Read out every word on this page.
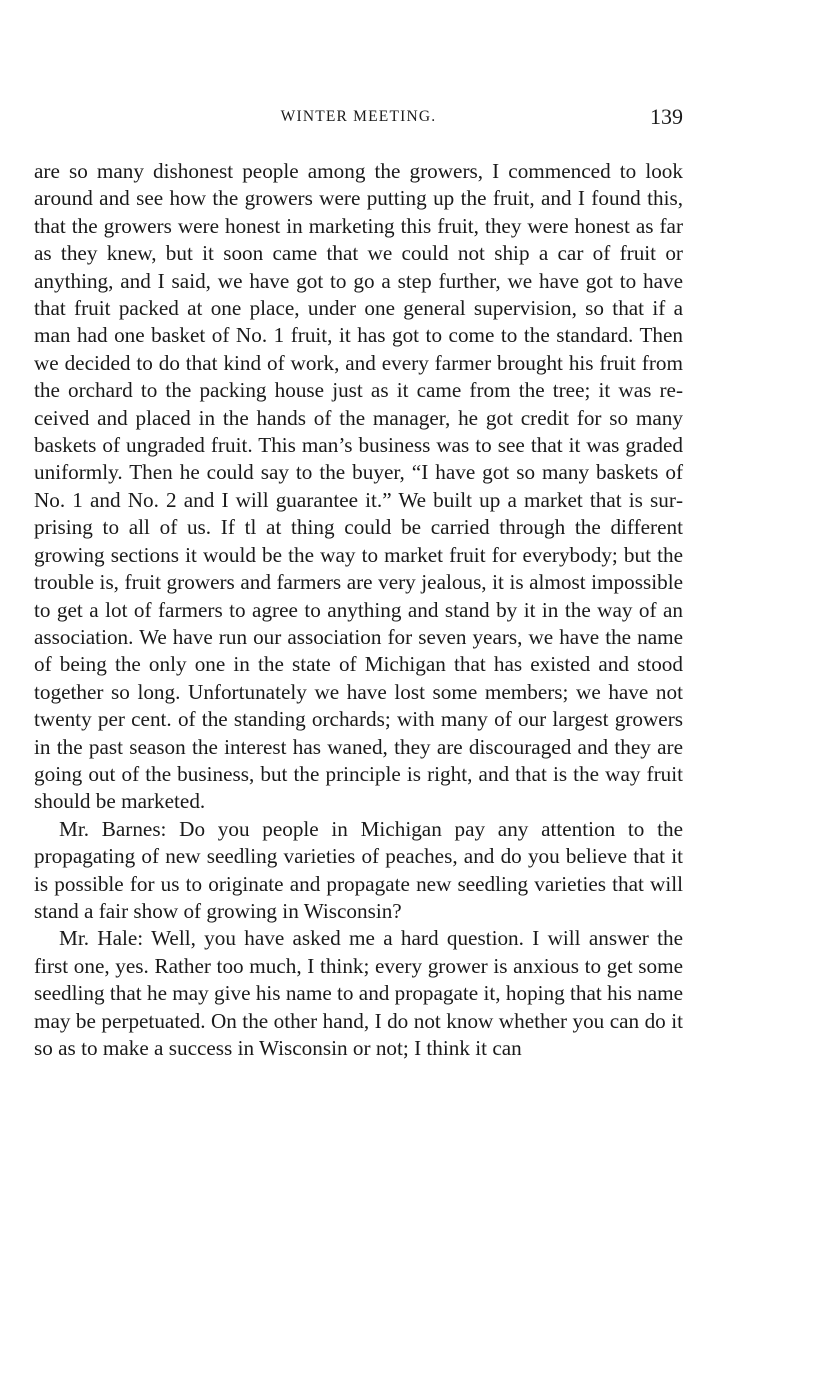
WINTER MEETING.	139

are so many dishonest people among the growers, I commenced to look around and see how the growers were putting up the fruit, and I found this, that the growers were honest in marketing this fruit, they were honest as far as they knew, but it soon came that we could not ship a car of fruit or anything, and I said, we have got to go a step further, we have got to have that fruit packed at one place, under one general supervision, so that if a man had one basket of No. 1 fruit, it has got to come to the standard. Then we decided to do that kind of work, and every farmer brought his fruit from the orchard to the packing house just as it came from the tree; it was received and placed in the hands of the manager, he got credit for so many baskets of ungraded fruit. This man’s business was to see that it was graded uniformly. Then he could say to the buyer, “I have got so many baskets of No. 1 and No. 2 and I will guarantee it.” We built up a market that is surprising to all of us. If tl at thing could be carried through the different growing sections it would be the way to market fruit for everybody; but the trouble is, fruit growers and farmers are very jealous, it is almost impossible to get a lot of farmers to agree to anything and stand by it in the way of an association. We have run our association for seven years, we have the name of being the only one in the state of Michigan that has existed and stood together so long. Unfortunately we have lost some members; we have not twenty per cent. of the standing orchards; with many of our largest growers in the past season the interest has waned, they are discouraged and they are going out of the business, but the principle is right, and that is the way fruit should be marketed.

Mr. Barnes: Do you people in Michigan pay any attention to the propagating of new seedling varieties of peaches, and do you believe that it is possible for us to originate and propagate new seedling varieties that will stand a fair show of growing in Wisconsin?

Mr. Hale: Well, you have asked me a hard question. I will answer the first one, yes. Rather too much, I think; every grower is anxious to get some seedling that he may give his name to and propagate it, hoping that his name may be perpetuated. On the other hand, I do not know whether you can do it so as to make a success in Wisconsin or not; I think it can
